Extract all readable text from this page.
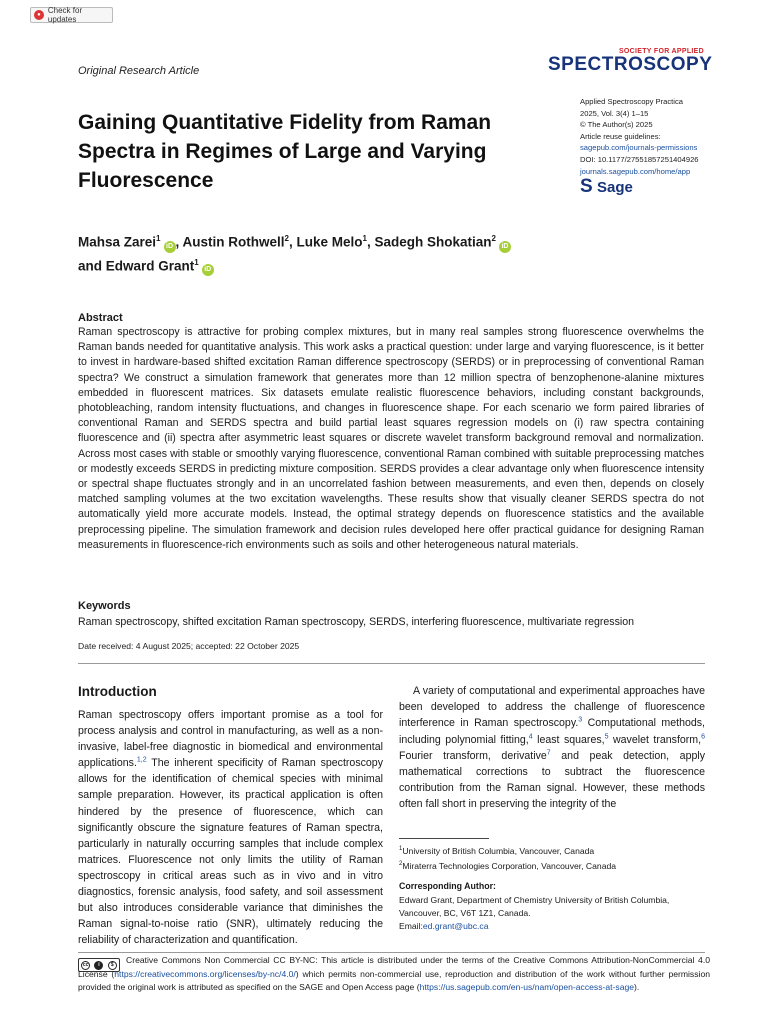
● Check for updates
Original Research Article
SOCIETY FOR APPLIED
SPECTROSCOPY
Applied Spectroscopy Practica
2025, Vol. 3(4) 1–15
© The Author(s) 2025
Article reuse guidelines:
sagepub.com/journals-permissions
DOI: 10.1177/27551857251404926
journals.sagepub.com/home/app
S Sage
Gaining Quantitative Fidelity from Raman Spectra in Regimes of Large and Varying Fluorescence
Mahsa Zarei$^1$iD , Austin Rothwell$^2$, Luke Melo$^1$, Sadegh Shokatian$^2$iD
and Edward Grant$^1$iD
Abstract

Raman spectroscopy is attractive for probing complex mixtures, but in many real samples strong fluorescence overwhelms the Raman bands needed for quantitative analysis. This work asks a practical question: under large and varying fluorescence, is it better to invest in hardware-based shifted excitation Raman difference spectroscopy (SERDS) or in preprocessing of conventional Raman spectra? We construct a simulation framework that generates more than 12 million spectra of benzophenone-alanine mixtures embedded in fluorescent matrices. Six datasets emulate realistic fluorescence behaviors, including constant backgrounds, photobleaching, random intensity fluctuations, and changes in fluorescence shape. For each scenario we form paired libraries of conventional Raman and SERDS spectra and build partial least squares regression models on (i) raw spectra containing fluorescence and (ii) spectra after asymmetric least squares or discrete wavelet transform background removal and normalization. Across most cases with stable or smoothly varying fluorescence, conventional Raman combined with suitable preprocessing matches or modestly exceeds SERDS in predicting mixture composition. SERDS provides a clear advantage only when fluorescence intensity or spectral shape fluctuates strongly and in an uncorrelated fashion between measurements, and even then, depends on closely matched sampling volumes at the two excitation wavelengths. These results show that visually cleaner SERDS spectra do not automatically yield more accurate models. Instead, the optimal strategy depends on fluorescence statistics and the available preprocessing pipeline. The simulation framework and decision rules developed here offer practical guidance for designing Raman measurements in fluorescence-rich environments such as soils and other heterogeneous natural materials.

Keywords

Raman spectroscopy, shifted excitation Raman spectroscopy, SERDS, interfering fluorescence, multivariate regression

Date received: 4 August 2025; accepted: 22 October 2025
Introduction
Raman spectroscopy offers important promise as a tool for process analysis and control in manufacturing, as well as a non-invasive, label-free diagnostic in biomedical and environmental applications.$^{1,2}$ The inherent specificity of Raman spectroscopy allows for the identification of chemical species with minimal sample preparation. However, its practical application is often hindered by the presence of fluorescence, which can significantly obscure the signature features of Raman spectra, particularly in naturally occurring samples that include complex matrices. Fluorescence not only limits the utility of Raman spectroscopy in critical areas such as in vivo and in vitro diagnostics, forensic analysis, food safety, and soil assessment but also introduces considerable variance that diminishes the Raman signal-to-noise ratio (SNR), ultimately reducing the reliability of characterization and quantification.

A variety of computational and experimental approaches have been developed to address the challenge of fluorescence interference in Raman spectroscopy.$^3$ Computational methods, including polynomial fitting,$^4$ least squares,$^5$ wavelet transform,$^6$ Fourier transform, derivative$^7$ and peak detection, apply mathematical corrections to subtract the fluorescence contribution from the Raman signal. However, these methods often fall short in preserving the integrity of the

$^1$University of British Columbia, Vancouver, Canada
$^2$Miraterra Technologies Corporation, Vancouver, Canada
Corresponding Author:
Edward Grant, Department of Chemistry University of British Columbia, Vancouver, BC, V6T 1Z1, Canada.
Email:ed.grant@ubc.ca
cc	i	$	Creative Commons Non Commercial CC BY-NC: This article is distributed under the terms of the Creative Commons Attribution-NonCommercial 4.0 License (https://creativecommons.org/licenses/by-nc/4.0/) which permits non-commercial use, reproduction and distribution of the work without further permission provided the original work is attributed as specified on the SAGE and Open Access page (https://us.sagepub.com/en-us/nam/open-access-at-sage).
